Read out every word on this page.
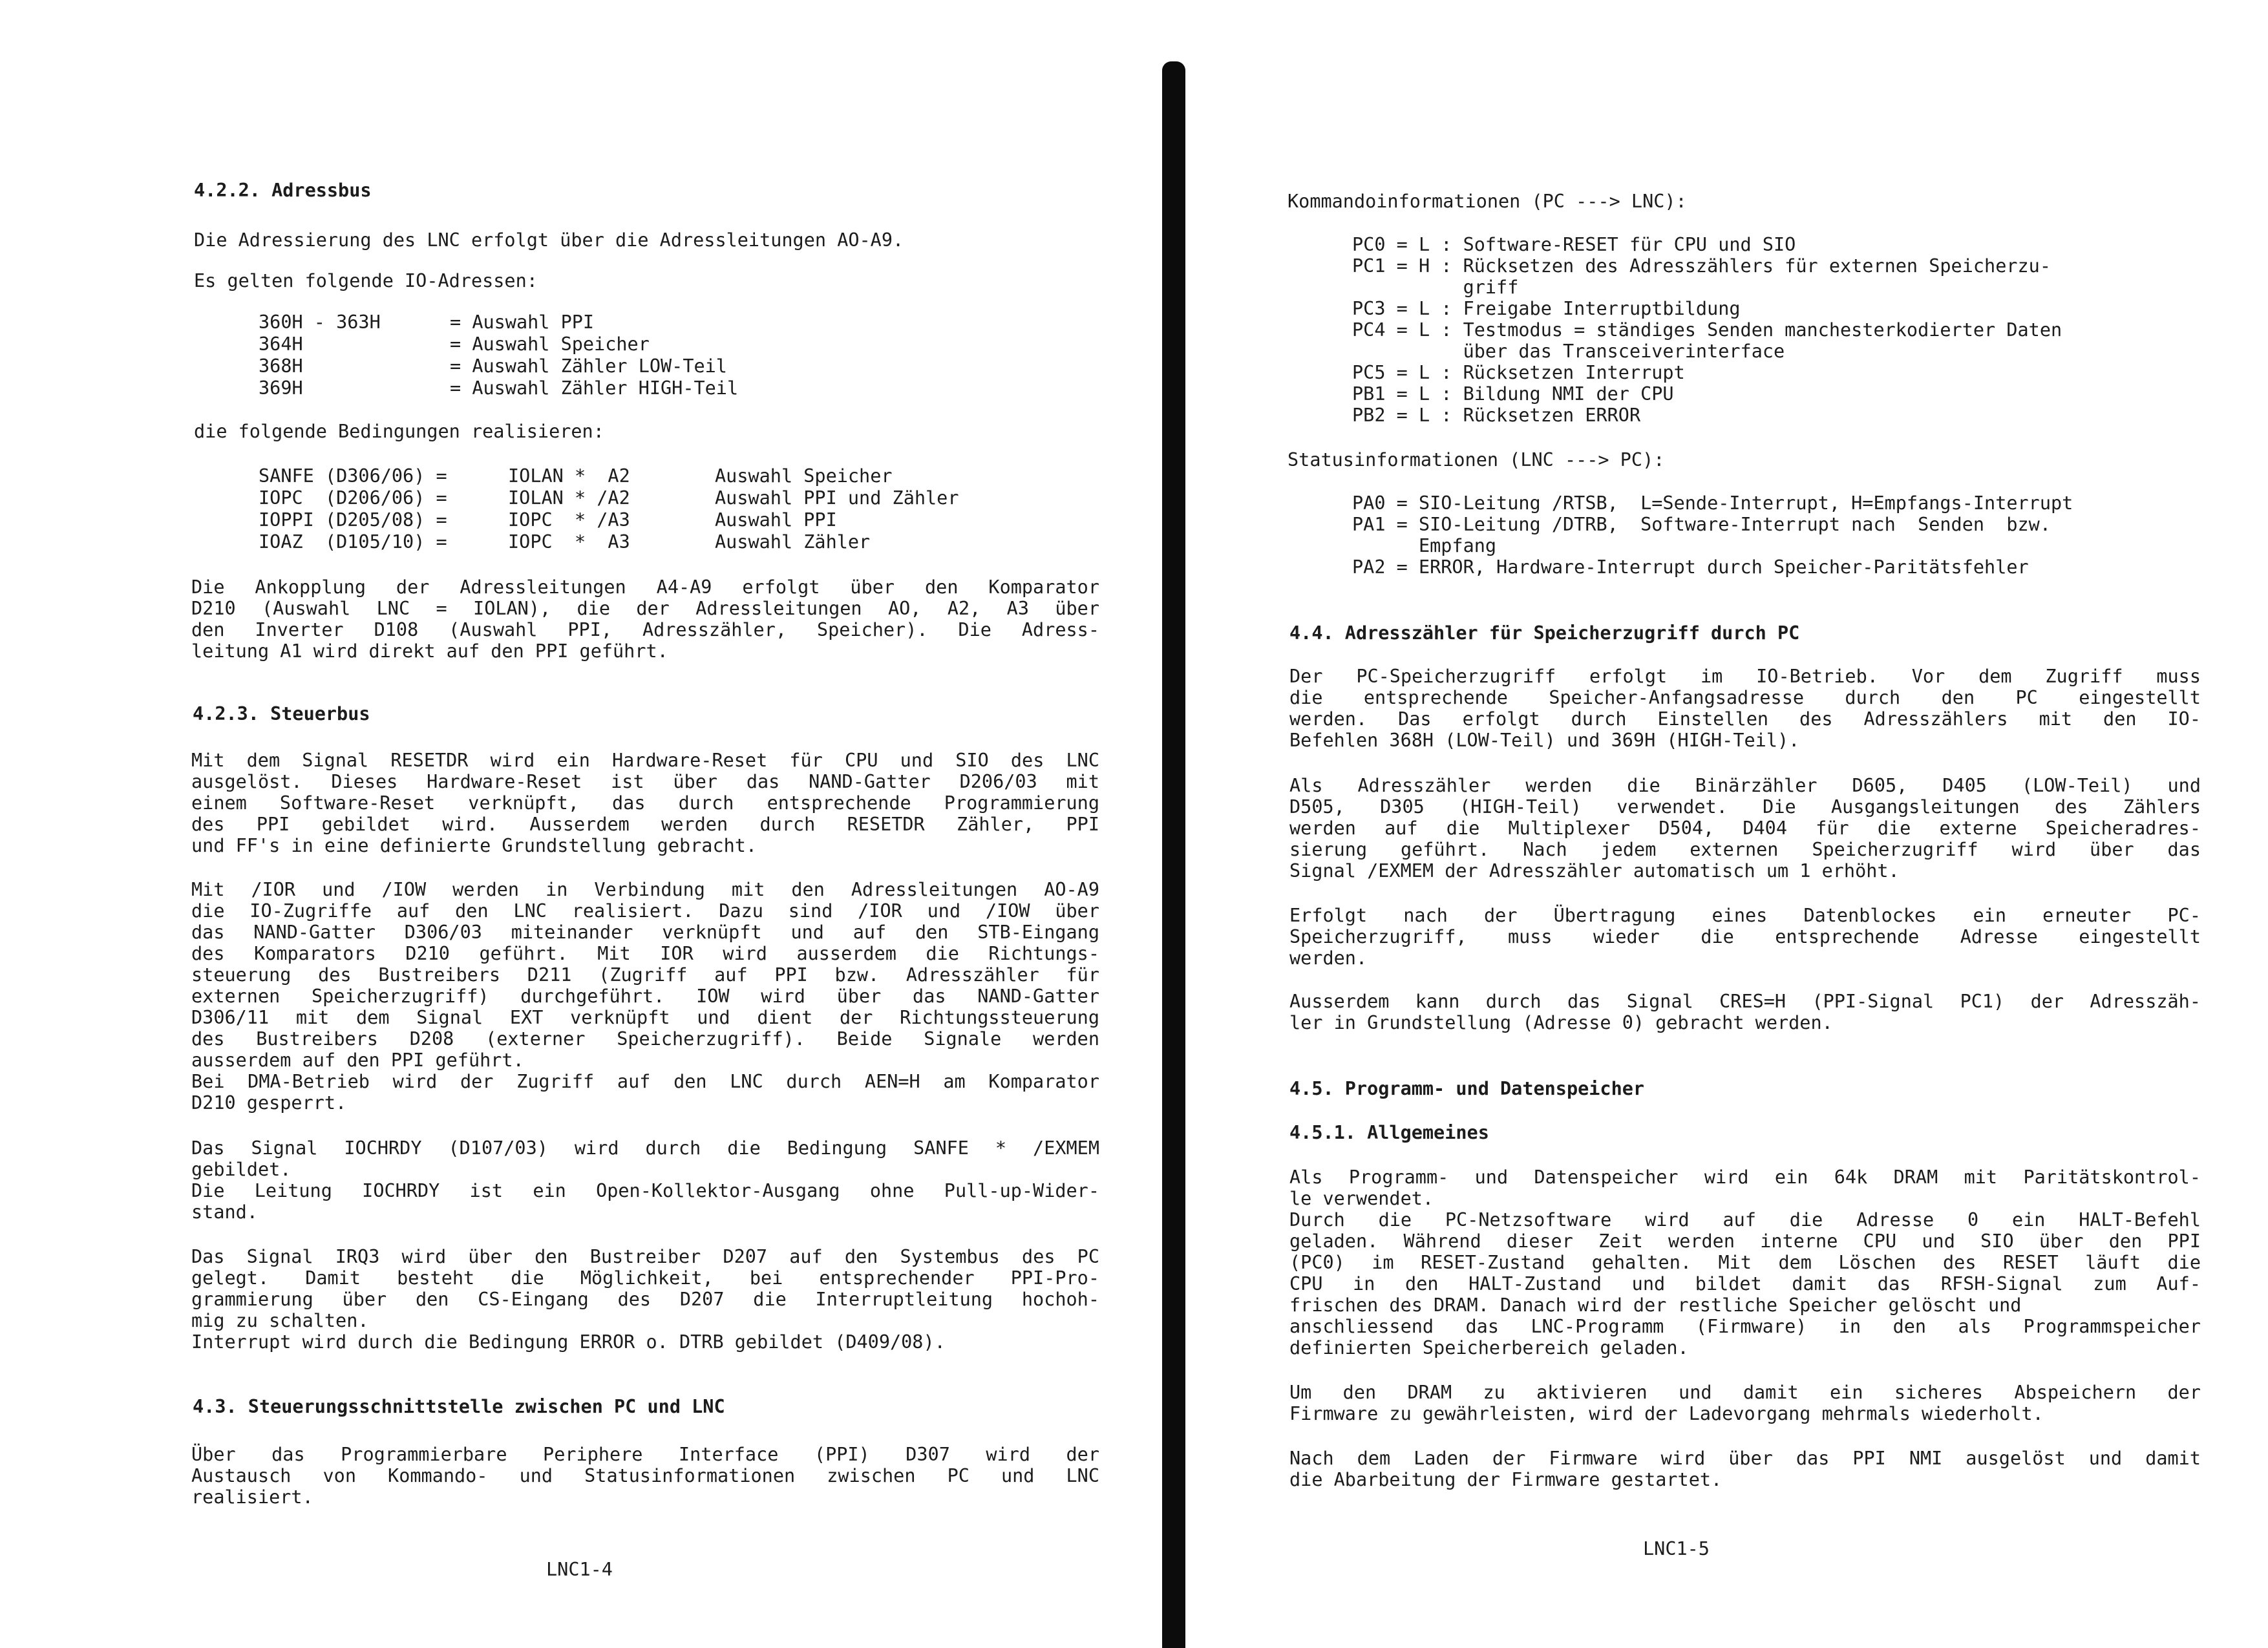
4.2.2. Adressbus
Die Adressierung des LNC erfolgt über die Adressleitungen AO-A9.
Es gelten folgende IO-Adressen:
360H - 363H	= Auswahl PPI
364H	= Auswahl Speicher
368H	= Auswahl Zähler LOW-Teil
369H	= Auswahl Zähler HIGH-Teil
die folgende Bedingungen realisieren:
SANFE (D306/06) =	IOLAN *  A2	Auswahl Speicher
IOPC  (D206/06) =	IOLAN * /A2	Auswahl PPI und Zähler
IOPPI (D205/08) =	IOPC  * /A3	Auswahl PPI
IOAZ  (D105/10) =	IOPC  *  A3	Auswahl Zähler
Die Ankopplung der Adressleitungen A4-A9 erfolgt über den Komparator
D210 (Auswahl LNC = IOLAN), die der Adressleitungen AO, A2, A3 über
den Inverter D108 (Auswahl PPI, Adresszähler, Speicher). Die Adress-
leitung A1 wird direkt auf den PPI geführt.
4.2.3. Steuerbus
Mit dem Signal RESETDR wird ein Hardware-Reset für CPU und SIO des LNC
ausgelöst. Dieses Hardware-Reset ist über das NAND-Gatter D206/03 mit
einem Software-Reset verknüpft, das durch entsprechende Programmierung
des PPI gebildet wird. Ausserdem werden durch RESETDR Zähler, PPI
und FF's in eine definierte Grundstellung gebracht.
Mit /IOR und /IOW werden in Verbindung mit den Adressleitungen AO-A9
die IO-Zugriffe auf den LNC realisiert. Dazu sind /IOR und /IOW über
das NAND-Gatter D306/03 miteinander verknüpft und auf den STB-Eingang
des Komparators D210 geführt. Mit IOR wird ausserdem die Richtungs-
steuerung des Bustreibers D211 (Zugriff auf PPI bzw. Adresszähler für
externen Speicherzugriff) durchgeführt. IOW wird über das NAND-Gatter
D306/11 mit dem Signal EXT verknüpft und dient der Richtungssteuerung
des Bustreibers D208 (externer Speicherzugriff). Beide Signale werden
ausserdem auf den PPI geführt.
Bei DMA-Betrieb wird der Zugriff auf den LNC durch AEN=H am Komparator
D210 gesperrt.
Das Signal IOCHRDY (D107/03) wird durch die Bedingung SANFE * /EXMEM
gebildet.
Die Leitung IOCHRDY ist ein Open-Kollektor-Ausgang ohne Pull-up-Wider-
stand.
Das Signal IRQ3 wird über den Bustreiber D207 auf den Systembus des PC
gelegt. Damit besteht die Möglichkeit, bei entsprechender PPI-Pro-
grammierung über den CS-Eingang des D207 die Interruptleitung hochoh-
mig zu schalten.
Interrupt wird durch die Bedingung ERROR o. DTRB gebildet (D409/08).
4.3. Steuerungsschnittstelle zwischen PC und LNC
Über das Programmierbare Periphere Interface (PPI) D307 wird der
Austausch von Kommando- und Statusinformationen zwischen PC und LNC
realisiert.
LNC1-4
Kommandoinformationen (PC ---> LNC):
PC0 = L : Software-RESET für CPU und SIO
PC1 = H : Rücksetzen des Adresszählers für externen Speicherzu-
griff
PC3 = L : Freigabe Interruptbildung
PC4 = L : Testmodus = ständiges Senden manchesterkodierter Daten
über das Transceiverinterface
PC5 = L : Rücksetzen Interrupt
PB1 = L : Bildung NMI der CPU
PB2 = L : Rücksetzen ERROR
Statusinformationen (LNC ---> PC):
PA0 = SIO-Leitung /RTSB,  L=Sende-Interrupt, H=Empfangs-Interrupt
PA1 = SIO-Leitung /DTRB,  Software-Interrupt nach  Senden  bzw.
Empfang
PA2 = ERROR, Hardware-Interrupt durch Speicher-Paritätsfehler
4.4. Adresszähler für Speicherzugriff durch PC
Der PC-Speicherzugriff erfolgt im IO-Betrieb. Vor dem Zugriff muss
die entsprechende Speicher-Anfangsadresse durch den PC eingestellt
werden. Das erfolgt durch Einstellen des Adresszählers mit den IO-
Befehlen 368H (LOW-Teil) und 369H (HIGH-Teil).
Als Adresszähler werden die Binärzähler D605, D405 (LOW-Teil) und
D505, D305 (HIGH-Teil) verwendet. Die Ausgangsleitungen des Zählers
werden auf die Multiplexer D504, D404 für die externe Speicheradres-
sierung geführt. Nach jedem externen Speicherzugriff wird über das
Signal /EXMEM der Adresszähler automatisch um 1 erhöht.
Erfolgt nach der Übertragung eines Datenblockes ein erneuter PC-
Speicherzugriff, muss wieder die entsprechende Adresse eingestellt
werden.
Ausserdem kann durch das Signal CRES=H (PPI-Signal PC1) der Adresszäh-
ler in Grundstellung (Adresse 0) gebracht werden.
4.5. Programm- und Datenspeicher
4.5.1. Allgemeines
Als Programm- und Datenspeicher wird ein 64k DRAM mit Paritätskontrol-
le verwendet.
Durch die PC-Netzsoftware wird auf die Adresse 0 ein HALT-Befehl
geladen. Während dieser Zeit werden interne CPU und SIO über den PPI
(PC0) im RESET-Zustand gehalten. Mit dem Löschen des RESET läuft die
CPU in den HALT-Zustand und bildet damit das RFSH-Signal zum Auf-
frischen des DRAM. Danach wird der restliche Speicher gelöscht und
anschliessend das LNC-Programm (Firmware) in den als Programmspeicher
definierten Speicherbereich geladen.
Um den DRAM zu aktivieren und damit ein sicheres Abspeichern der
Firmware zu gewährleisten, wird der Ladevorgang mehrmals wiederholt.
Nach dem Laden der Firmware wird über das PPI NMI ausgelöst und damit
die Abarbeitung der Firmware gestartet.
LNC1-5
